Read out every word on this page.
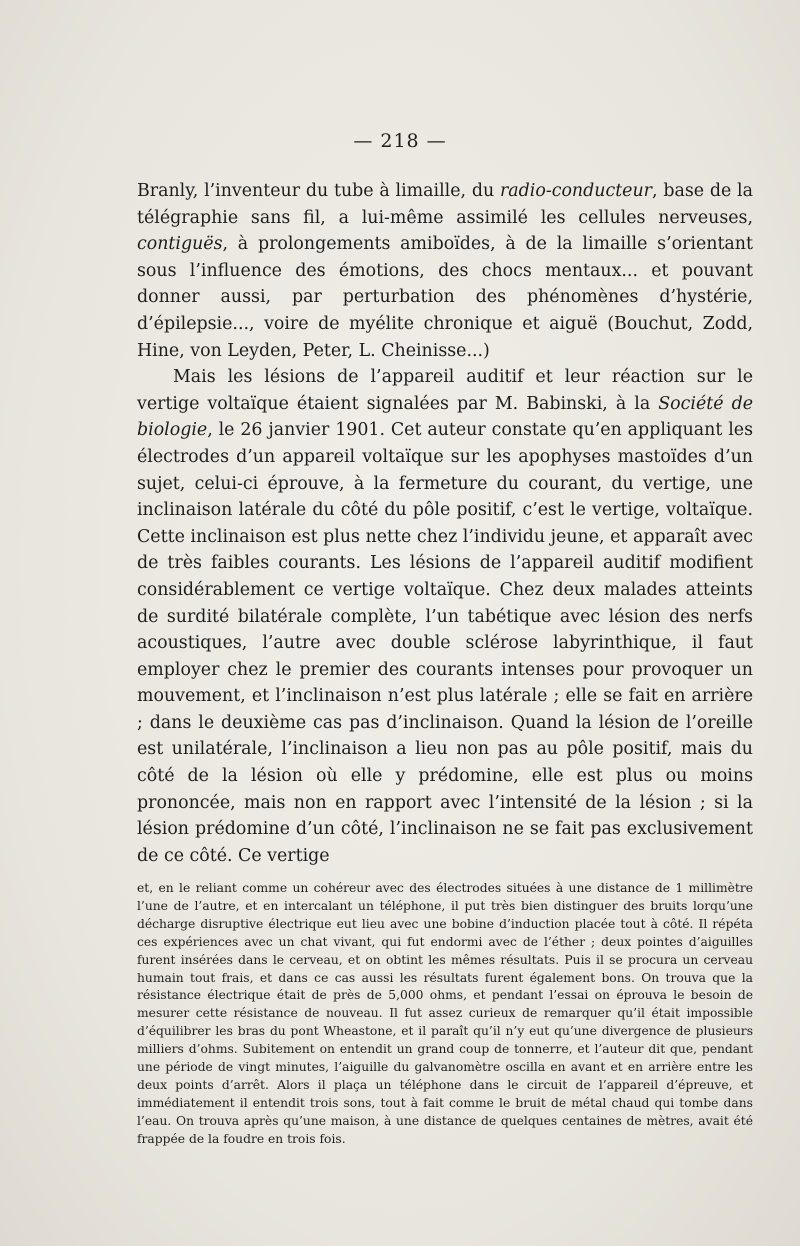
— 218 —

Branly, l’inventeur du tube à limaille, du radio-conducteur, base de la télégraphie sans fil, a lui-même assimilé les cellules nerveuses, contiguës, à prolongements amiboïdes, à de la limaille s’orientant sous l’influence des émotions, des chocs mentaux... et pouvant donner aussi, par perturbation des phénomènes d’hystérie, d’épilepsie..., voire de myélite chronique et aiguë (Bouchut, Zodd, Hine, von Leyden, Peter, L. Cheinisse...)

Mais les lésions de l’appareil auditif et leur réaction sur le vertige voltaïque étaient signalées par M. Babinski, à la Société de biologie, le 26 janvier 1901. Cet auteur constate qu’en appliquant les électrodes d’un appareil voltaïque sur les apophyses mastoïdes d’un sujet, celui-ci éprouve, à la fermeture du courant, du vertige, une inclinaison latérale du côté du pôle positif, c’est le vertige, voltaïque. Cette inclinaison est plus nette chez l’individu jeune, et apparaît avec de très faibles courants. Les lésions de l’appareil auditif modifient considérablement ce vertige voltaïque. Chez deux malades atteints de surdité bilatérale complète, l’un tabétique avec lésion des nerfs acoustiques, l’autre avec double sclérose labyrinthique, il faut employer chez le premier des courants intenses pour provoquer un mouvement, et l’inclinaison n’est plus latérale ; elle se fait en arrière ; dans le deuxième cas pas d’inclinaison. Quand la lésion de l’oreille est unilatérale, l’inclinaison a lieu non pas au pôle positif, mais du côté de la lésion où elle y prédomine, elle est plus ou moins prononcée, mais non en rapport avec l’intensité de la lésion ; si la lésion prédomine d’un côté, l’inclinaison ne se fait pas exclusivement de ce côté. Ce vertige

et, en le reliant comme un cohéreur avec des électrodes situées à une distance de 1 millimètre l’une de l’autre, et en intercalant un téléphone, il put très bien distinguer des bruits lorqu’une décharge disruptive électrique eut lieu avec une bobine d’induction placée tout à côté. Il répéta ces expériences avec un chat vivant, qui fut endormi avec de l’éther ; deux pointes d’aiguilles furent insérées dans le cerveau, et on obtint les mêmes résultats. Puis il se procura un cerveau humain tout frais, et dans ce cas aussi les résultats furent également bons. On trouva que la résistance électrique était de près de 5,000 ohms, et pendant l’essai on éprouva le besoin de mesurer cette résistance de nouveau. Il fut assez curieux de remarquer qu’il était impossible d’équilibrer les bras du pont Wheastone, et il paraît qu’il n’y eut qu’une divergence de plusieurs milliers d’ohms. Subitement on entendit un grand coup de tonnerre, et l’auteur dit que, pendant une période de vingt minutes, l’aiguille du galvanomètre oscilla en avant et en arrière entre les deux points d’arrêt. Alors il plaça un téléphone dans le circuit de l’appareil d’épreuve, et immédiatement il entendit trois sons, tout à fait comme le bruit de métal chaud qui tombe dans l’eau. On trouva après qu’une maison, à une distance de quelques centaines de mètres, avait été frappée de la foudre en trois fois.
